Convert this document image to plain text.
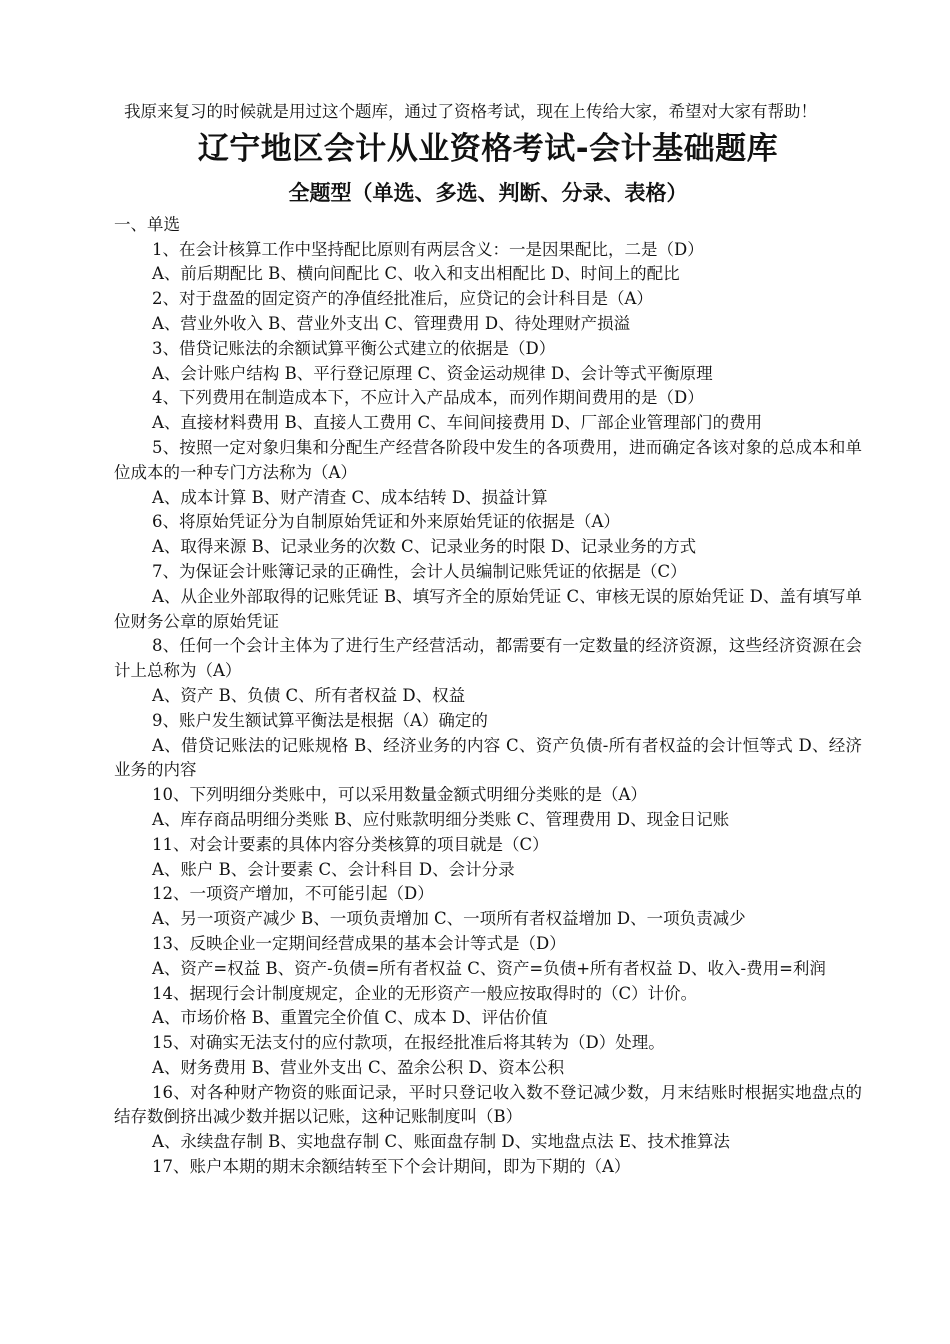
我原来复习的时候就是用过这个题库，通过了资格考试，现在上传给大家，希望对大家有帮助！

辽宁地区会计从业资格考试-会计基础题库
全题型（单选、多选、判断、分录、表格）

一、单选

1、在会计核算工作中坚持配比原则有两层含义：一是因果配比，二是（D）

A、前后期配比 B、横向间配比 C、收入和支出相配比 D、时间上的配比

2、对于盘盈的固定资产的净值经批准后，应贷记的会计科目是（A）

A、营业外收入 B、营业外支出 C、管理费用 D、待处理财产损溢

3、借贷记账法的余额试算平衡公式建立的依据是（D）

A、会计账户结构 B、平行登记原理 C、资金运动规律 D、会计等式平衡原理

4、下列费用在制造成本下，不应计入产品成本，而列作期间费用的是（D）

A、直接材料费用 B、直接人工费用 C、车间间接费用 D、厂部企业管理部门的费用

5、按照一定对象归集和分配生产经营各阶段中发生的各项费用，进而确定各该对象的总成本和单位成本的一种专门方法称为（A）

A、成本计算 B、财产清查 C、成本结转 D、损益计算

6、将原始凭证分为自制原始凭证和外来原始凭证的依据是（A）

A、取得来源 B、记录业务的次数 C、记录业务的时限 D、记录业务的方式

7、为保证会计账簿记录的正确性，会计人员编制记账凭证的依据是（C）

A、从企业外部取得的记账凭证 B、填写齐全的原始凭证 C、审核无误的原始凭证 D、盖有填写单位财务公章的原始凭证

8、任何一个会计主体为了进行生产经营活动，都需要有一定数量的经济资源，这些经济资源在会计上总称为（A）

A、资产 B、负债 C、所有者权益 D、权益

9、账户发生额试算平衡法是根据（A）确定的

A、借贷记账法的记账规格 B、经济业务的内容 C、资产负债-所有者权益的会计恒等式 D、经济业务的内容

10、下列明细分类账中，可以采用数量金额式明细分类账的是（A）

A、库存商品明细分类账 B、应付账款明细分类账 C、管理费用 D、现金日记账

11、对会计要素的具体内容分类核算的项目就是（C）

A、账户 B、会计要素 C、会计科目 D、会计分录

12、一项资产增加，不可能引起（D）

A、另一项资产减少 B、一项负责增加 C、一项所有者权益增加 D、一项负责减少

13、反映企业一定期间经营成果的基本会计等式是（D）

A、资产=权益 B、资产-负债=所有者权益 C、资产=负债+所有者权益 D、收入-费用=利润

14、据现行会计制度规定，企业的无形资产一般应按取得时的（C）计价。

A、市场价格 B、重置完全价值 C、成本 D、评估价值

15、对确实无法支付的应付款项，在报经批准后将其转为（D）处理。

A、财务费用 B、营业外支出 C、盈余公积 D、资本公积

16、对各种财产物资的账面记录，平时只登记收入数不登记减少数，月末结账时根据实地盘点的结存数倒挤出减少数并据以记账，这种记账制度叫（B）

A、永续盘存制 B、实地盘存制 C、账面盘存制 D、实地盘点法 E、技术推算法

17、账户本期的期末余额结转至下个会计期间，即为下期的（A）
